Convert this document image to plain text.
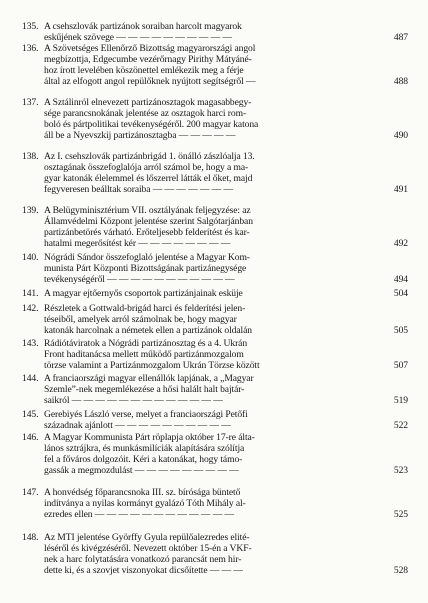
135. A csehszlovák partizánok soraiban harcolt magyarok
eskűjének szövege — — — — — — — — — —	487
136. A Szövetséges Ellenőrző Bizottság magyarországi angol
megbízottja, Edgecumbe vezérőrnagy Pirithy Mátyáné-
hoz írott levelében köszönettel emlékezik meg a férje
által az elfogott angol repülőknek nyújtott segítségről —	488
137. A Sztálinról elnevezett partizánosztagok magasabbegy-
sége parancsnokának jelentése az osztagok harci rom-
boló és pártpolitikai tevékenységéről. 200 magyar katona
áll be a Nyevszkij partizánosztagba — — — — —	490
138. Az I. csehszlovák partizánbrigád 1. önálló zászlóalja 13.
osztagának összefoglalója arról számol be, hogy a ma-
gyar katonák élelemmel és lőszerrel látták el őket, majd
fegyveresen beálltak soraiba — — — — — — —	491
139. A Belügyminisztérium VII. osztályának feljegyzése: az
Államvédelmi Központ jelentése szerint Salgótarjánban
partizánbetörés várható. Erőteljesebb felderítést és kar-
hatalmi megerősítést kér — — — — — — — —	492
140. Nógrádi Sándor összefoglaló jelentése a Magyar Kom-
munista Párt Központi Bizottságának partizánegysége
tevékenységéről — — — — — — — — — — —	494
141. A magyar ejtőernyős csoportok partizánjainak esküje	504
142. Részletek a Gottwald-brigád harci és felderítési jelen-
téseiből, amelyek arról számolnak be, hogy magyar
katonák harcolnak a németek ellen a partizánok oldalán	505
143. Rádiótáviratok a Nógrádi partizánosztag és a 4. Ukrán
Front haditanácsa mellett működő partizánmozgalom
törzse valamint a Partizánmozgalom Ukrán Törzse között	507
144. A franciaországi magyar ellenállók lapjának, a „Magyar
Szemle”-nek megemlékezése a hősi halált halt bajtár-
saikról — — — — — — — — — — — — —	519
145. Gerebiyés László verse, melyet a franciaországi Petőfi
századnak ajánlott — — — — — — — — — —	522
146. A Magyar Kommunista Párt röplapja október 17-re álta-
lános sztrájkra, és munkásmilíciák alapítására szólítja
fel a főváros dolgozóit. Kéri a katonákat, hogy támo-
gassák a megmozdulást — — — — — — — — —	523
147. A honvédség főparancsnoka III. sz. bírósága büntető
indítványa a nyilas kormányt gyalázó Tóth Mihály al-
ezredes ellen — — — — — — — — — — — —	525
148. Az MTI jelentése Györffy Gyula repülőalezredes elité-
léséről és kivégzéséről. Nevezett október 15-én a VKF-
nek a harc folytatására vonatkozó parancsát nem hir-
dette ki, és a szovjet viszonyokat dicsőítette — — —	528
